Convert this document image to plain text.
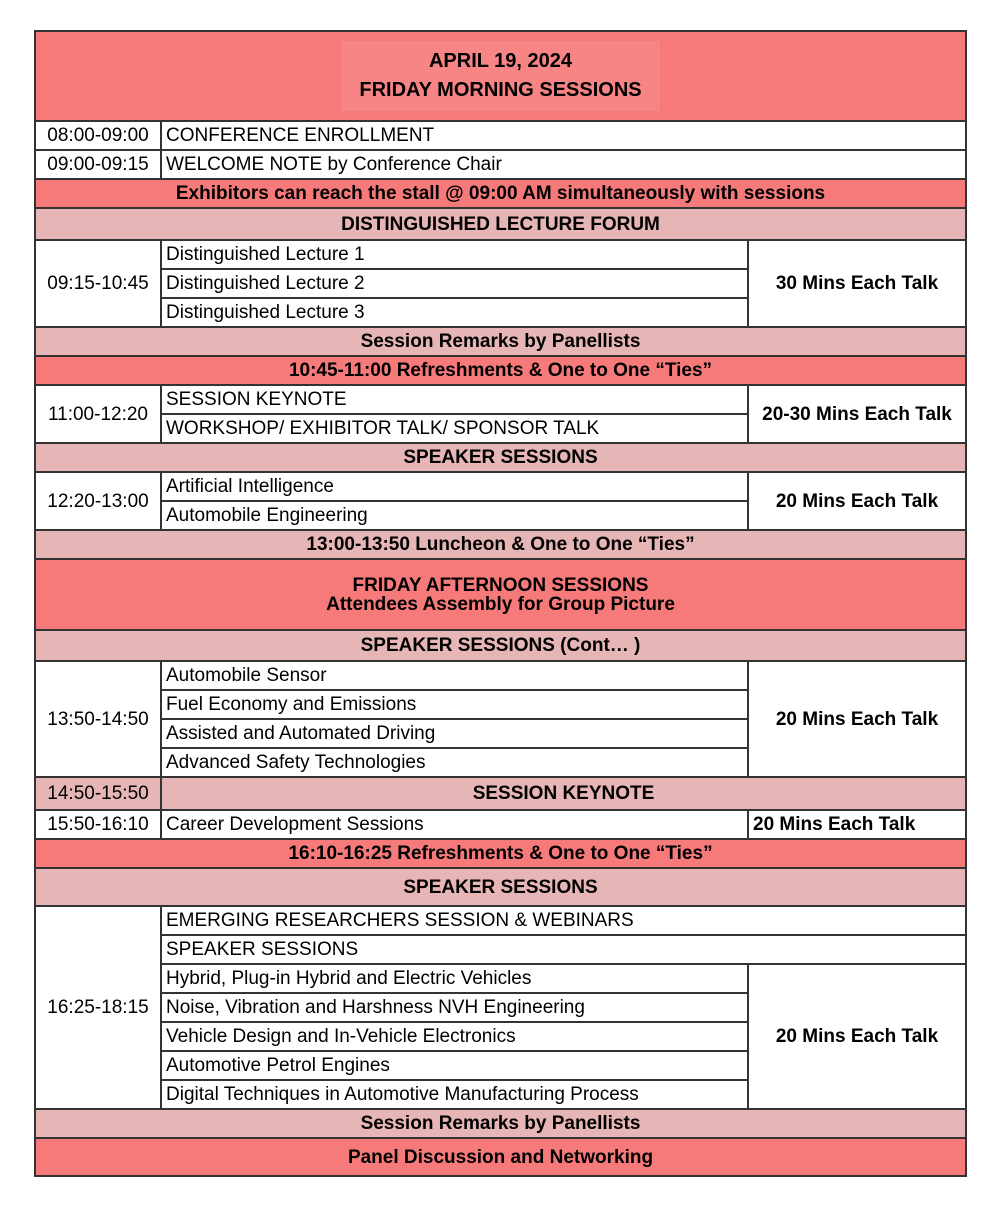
APRIL 19, 2024
FRIDAY MORNING SESSIONS		
08:00-09:00	CONFERENCE ENROLLMENT	
09:00-09:15	WELCOME NOTE by Conference Chair	
Exhibitors can reach the stall @ 09:00 AM simultaneously with sessions		
DISTINGUISHED LECTURE FORUM		
09:15-10:45	Distinguished Lecture 1	30 Mins Each Talk
	Distinguished Lecture 2	
	Distinguished Lecture 3	
Session Remarks by Panellists		
10:45-11:00 Refreshments & One to One “Ties”		
11:00-12:20	SESSION KEYNOTE	20-30 Mins Each Talk
	WORKSHOP/ EXHIBITOR TALK/ SPONSOR TALK	
SPEAKER SESSIONS		
12:20-13:00	Artificial Intelligence	20 Mins Each Talk
	Automobile Engineering	
13:00-13:50 Luncheon & One to One “Ties”		
FRIDAY AFTERNOON SESSIONS
Attendees Assembly for Group Picture		
SPEAKER SESSIONS (Cont… )		
13:50-14:50	Automobile Sensor	20 Mins Each Talk
	Fuel Economy and Emissions	
	Assisted and Automated Driving	
	Advanced Safety Technologies	
14:50-15:50	SESSION KEYNOTE	
15:50-16:10	Career Development Sessions	20 Mins Each Talk
16:10-16:25 Refreshments & One to One “Ties”		
SPEAKER SESSIONS		
16:25-18:15	EMERGING RESEARCHERS SESSION & WEBINARS	
	SPEAKER SESSIONS	
	Hybrid, Plug-in Hybrid and Electric Vehicles	20 Mins Each Talk
	Noise, Vibration and Harshness NVH Engineering	
	Vehicle Design and In-Vehicle Electronics	
	Automotive Petrol Engines	
	Digital Techniques in Automotive Manufacturing Process	
Session Remarks by Panellists		
Panel Discussion and Networking		
